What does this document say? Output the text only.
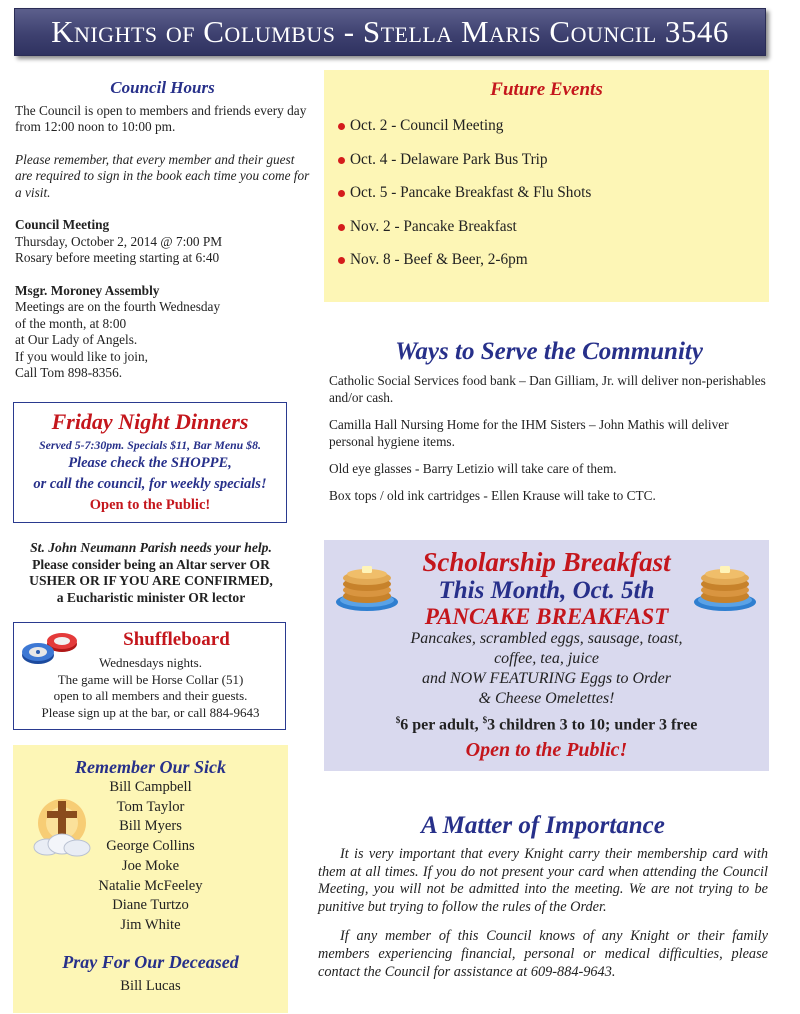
Knights of Columbus - Stella Maris Council 3546
Council Hours

The Council is open to members and friends every day from 12:00 noon to 10:00 pm.

Please remember, that every member and their guest are required to sign in the book each time you come for a visit.

Council Meeting
Thursday, October 2, 2014 @ 7:00 PM
Rosary before meeting starting at 6:40

Msgr. Moroney Assembly
Meetings are on the fourth Wednesday
of the month, at 8:00
at Our Lady of Angels.
If you would like to join,
Call Tom 898-8356.

Friday Night Dinners
Served 5-7:30pm. Specials $11, Bar Menu $8.
Please check the SHOPPE,
or call the council, for weekly specials!
Open to the Public!
St. John Neumann Parish needs your help.
Please consider being an Altar server OR
USHER OR IF YOU ARE CONFIRMED,
a Eucharistic minister OR lector
Shuffleboard
Wednesdays nights.
The game will be Horse Collar (51)
open to all members and their guests.
Please sign up at the bar, or call 884-9643
Remember Our Sick
Bill Campbell
Tom Taylor
Bill Myers
George Collins
Joe Moke
Natalie McFeeley
Diane Turtzo
Jim White
Pray For Our Deceased
Bill Lucas
Future Events
Oct. 2 - Council Meeting
Oct. 4 - Delaware Park Bus Trip
Oct. 5 - Pancake Breakfast & Flu Shots
Nov. 2 - Pancake Breakfast
Nov. 8 - Beef & Beer, 2-6pm
Ways to Serve the Community

Catholic Social Services food bank – Dan Gilliam, Jr. will deliver non-perishables and/or cash.

Camilla Hall Nursing Home for the IHM Sisters – John Mathis will deliver personal hygiene items.

Old eye glasses - Barry Letizio will take care of them.

Box tops / old ink cartridges - Ellen Krause will take to CTC.

Scholarship Breakfast
This Month, Oct. 5th
PANCAKE BREAKFAST
Pancakes, scrambled eggs, sausage, toast,
coffee, tea, juice
and NOW FEATURING Eggs to Order
& Cheese Omelettes!
$6 per adult, $3 children 3 to 10; under 3 free
Open to the Public!
A Matter of Importance

It is very important that every Knight carry their membership card with them at all times. If you do not present your card when attending the Council Meeting, you will not be admitted into the meeting. We are not trying to be punitive but trying to follow the rules of the Order.

If any member of this Council knows of any Knight or their family members experiencing financial, personal or medical difficulties, please contact the Council for assistance at 609-884-9643.
